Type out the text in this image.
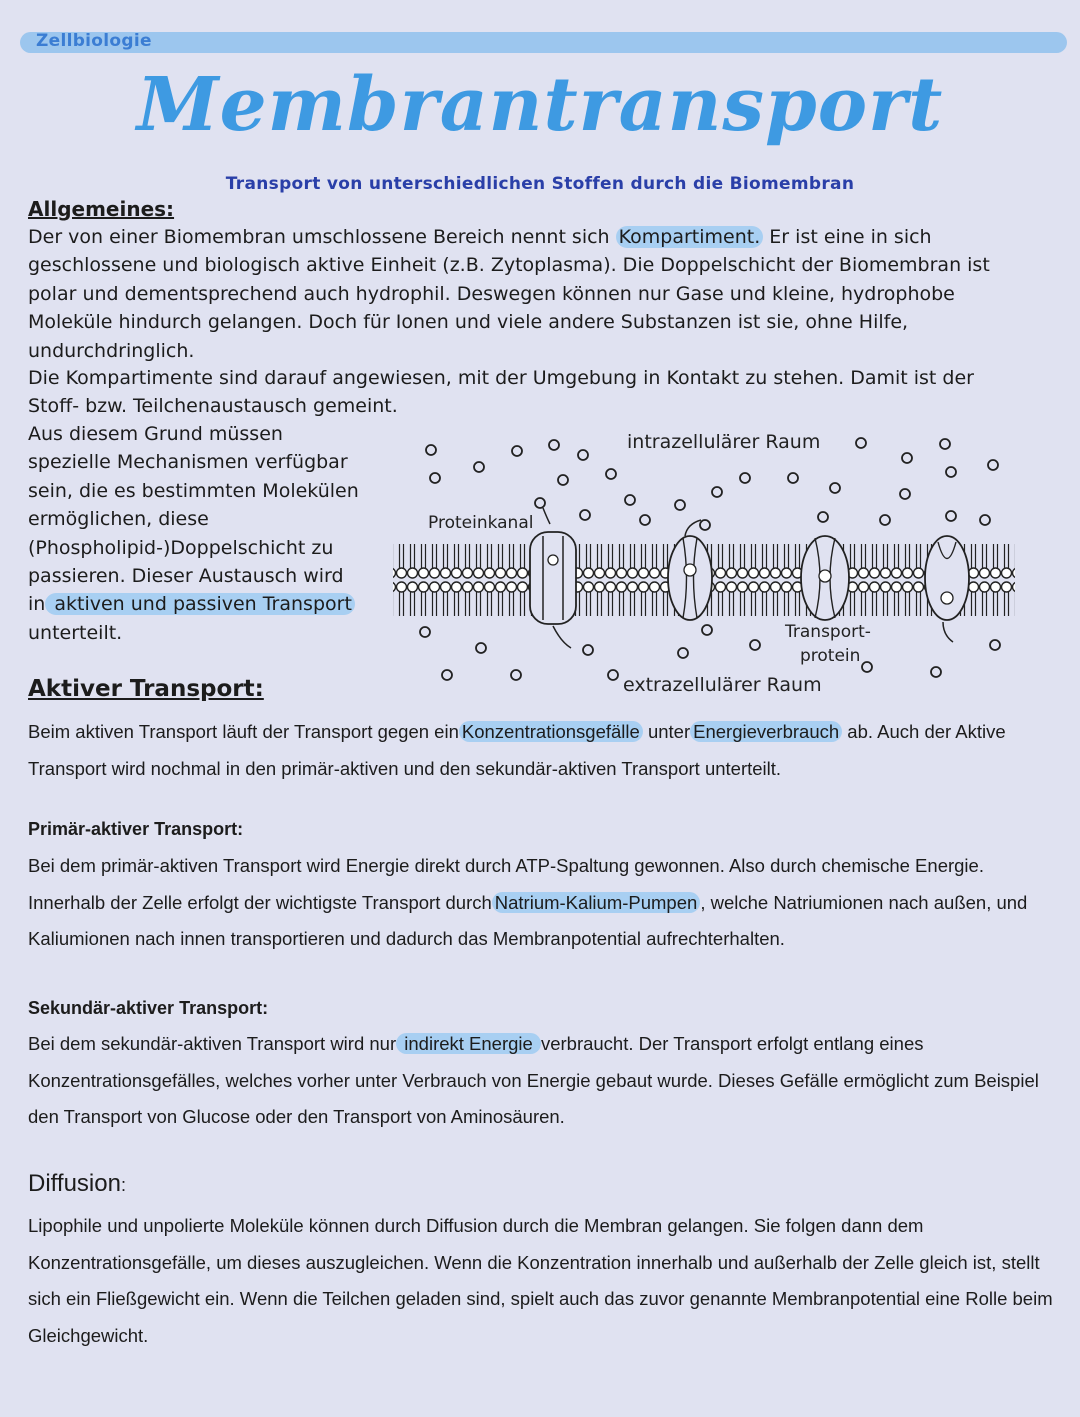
Zellbiologie
Membrantransport
Transport von unterschiedlichen Stoffen durch die Biomembran
Allgemeines:
Der von einer Biomembran umschlossene Bereich nennt sich Kompartiment. Er ist eine in sich geschlossene und biologisch aktive Einheit (z.B. Zytoplasma). Die Doppelschicht der Biomembran ist polar und dementsprechend auch hydrophil. Deswegen können nur Gase und kleine, hydrophobe Moleküle hindurch gelangen. Doch für Ionen und viele andere Substanzen ist sie, ohne Hilfe, undurchdringlich.
Die Kompartimente sind darauf angewiesen, mit der Umgebung in Kontakt zu stehen. Damit ist der Stoff- bzw. Teilchenaustausch gemeint.
Aus diesem Grund müssen spezielle Mechanismen verfügbar sein, die es bestimmten Molekülen ermöglichen, diese (Phospholipid-)Doppelschicht zu passieren. Dieser Austausch wird in aktiven und passiven Transport unterteilt.
intrazellulärer Raum
Proteinkanal
Transport-
protein
extrazellulärer Raum
Aktiver Transport:
Beim aktiven Transport läuft der Transport gegen ein Konzentrationsgefälle unter Energieverbrauch ab. Auch der Aktive Transport wird nochmal in den primär-aktiven und den sekundär-aktiven Transport unterteilt.
Primär-aktiver Transport:
Bei dem primär-aktiven Transport wird Energie direkt durch ATP-Spaltung gewonnen. Also durch chemische Energie. Innerhalb der Zelle erfolgt der wichtigste Transport durch Natrium-Kalium-Pumpen , welche Natriumionen nach außen, und Kaliumionen nach innen transportieren und dadurch das Membranpotential aufrechterhalten.
Sekundär-aktiver Transport:
Bei dem sekundär-aktiven Transport wird nur indirekt Energie verbraucht. Der Transport erfolgt entlang eines Konzentrationsgefälles, welches vorher unter Verbrauch von Energie gebaut wurde. Dieses Gefälle ermöglicht zum Beispiel den Transport von Glucose oder den Transport von Aminosäuren.
Diffusion:
Lipophile und unpolierte Moleküle können durch Diffusion durch die Membran gelangen. Sie folgen dann dem Konzentrationsgefälle, um dieses auszugleichen. Wenn die Konzentration innerhalb und außerhalb der Zelle gleich ist, stellt sich ein Fließgewicht ein. Wenn die Teilchen geladen sind, spielt auch das zuvor genannte Membranpotential eine Rolle beim Gleichgewicht.
